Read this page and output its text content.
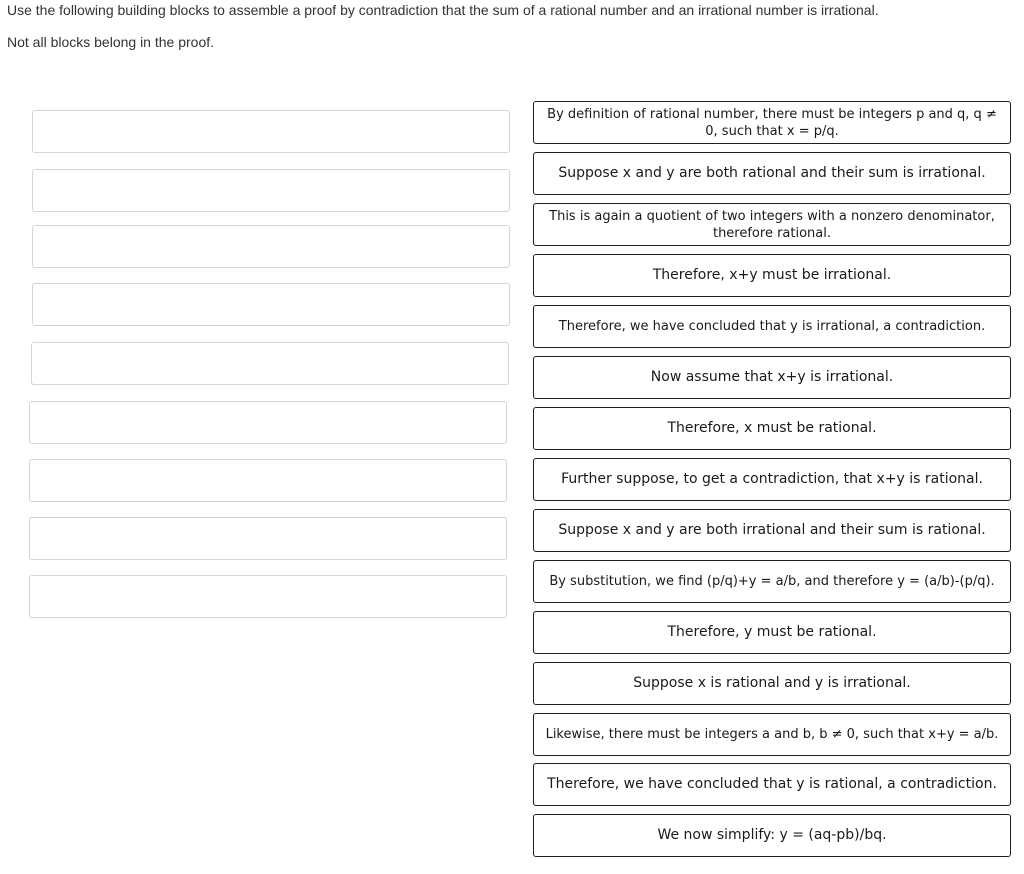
Use the following building blocks to assemble a proof by contradiction that the sum of a rational number and an irrational number is irrational.
Not all blocks belong in the proof.
By definition of rational number, there must be integers p and q, q ≠ 0, such that x = p/q.
Suppose x and y are both rational and their sum is irrational.
This is again a quotient of two integers with a nonzero denominator, therefore rational.
Therefore, x+y must be irrational.
Therefore, we have concluded that y is irrational, a contradiction.
Now assume that x+y is irrational.
Therefore, x must be rational.
Further suppose, to get a contradiction, that x+y is rational.
Suppose x and y are both irrational and their sum is rational.
By substitution, we find (p/q)+y = a/b, and therefore y = (a/b)-(p/q).
Therefore, y must be rational.
Suppose x is rational and y is irrational.
Likewise, there must be integers a and b, b ≠ 0, such that x+y = a/b.
Therefore, we have concluded that y is rational, a contradiction.
We now simplify: y = (aq-pb)/bq.
